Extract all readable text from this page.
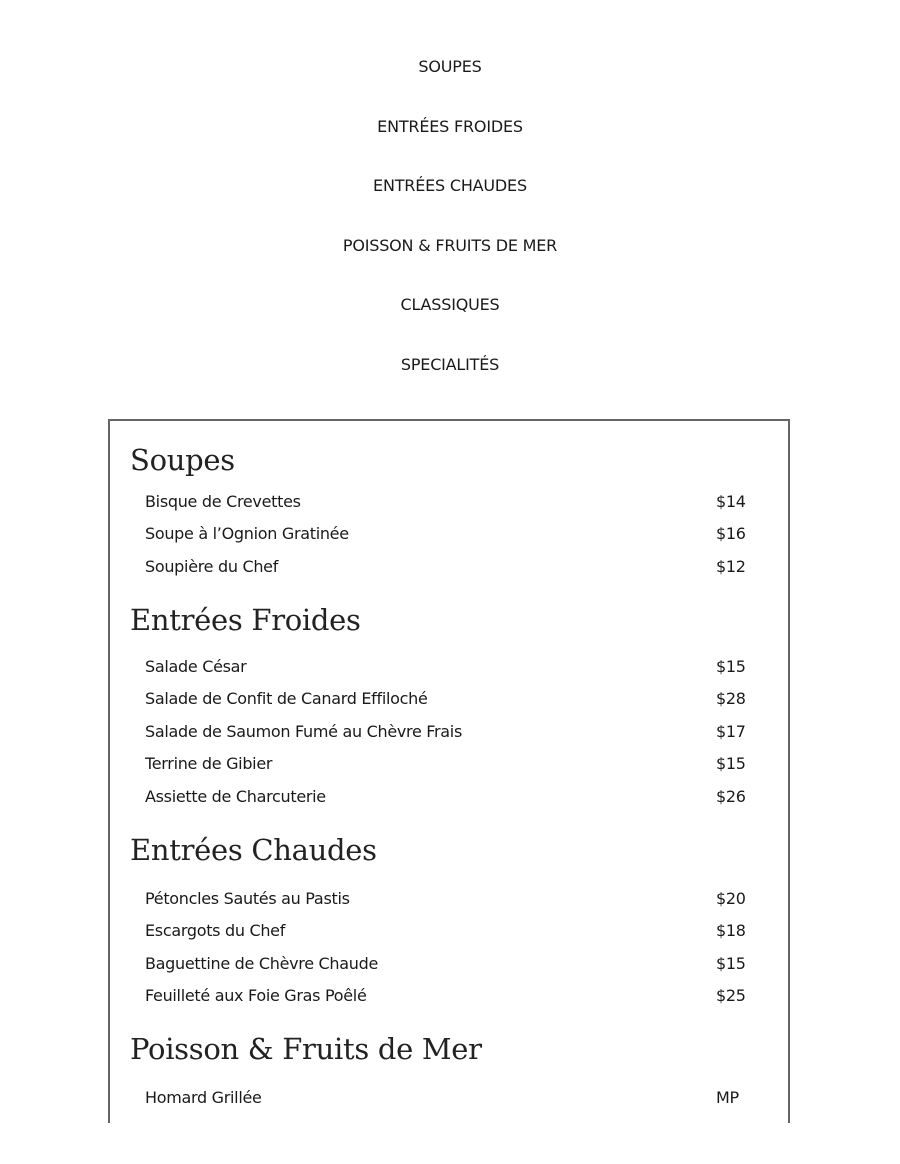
SOUPES
ENTRÉES FROIDES
ENTRÉES CHAUDES
POISSON & FRUITS DE MER
CLASSIQUES
SPECIALITÉS
Soupes
Bisque de Crevettes	$14
Soupe à l’Ognion Gratinée	$16
Soupière du Chef	$12
Entrées Froides
Salade César	$15
Salade de Confit de Canard Effiloché	$28
Salade de Saumon Fumé au Chèvre Frais	$17
Terrine de Gibier	$15
Assiette de Charcuterie	$26
Entrées Chaudes
Pétoncles Sautés au Pastis	$20
Escargots du Chef	$18
Baguettine de Chèvre Chaude	$15
Feuilleté aux Foie Gras Poêlé	$25
Poisson & Fruits de Mer
Homard Grillée	MP
